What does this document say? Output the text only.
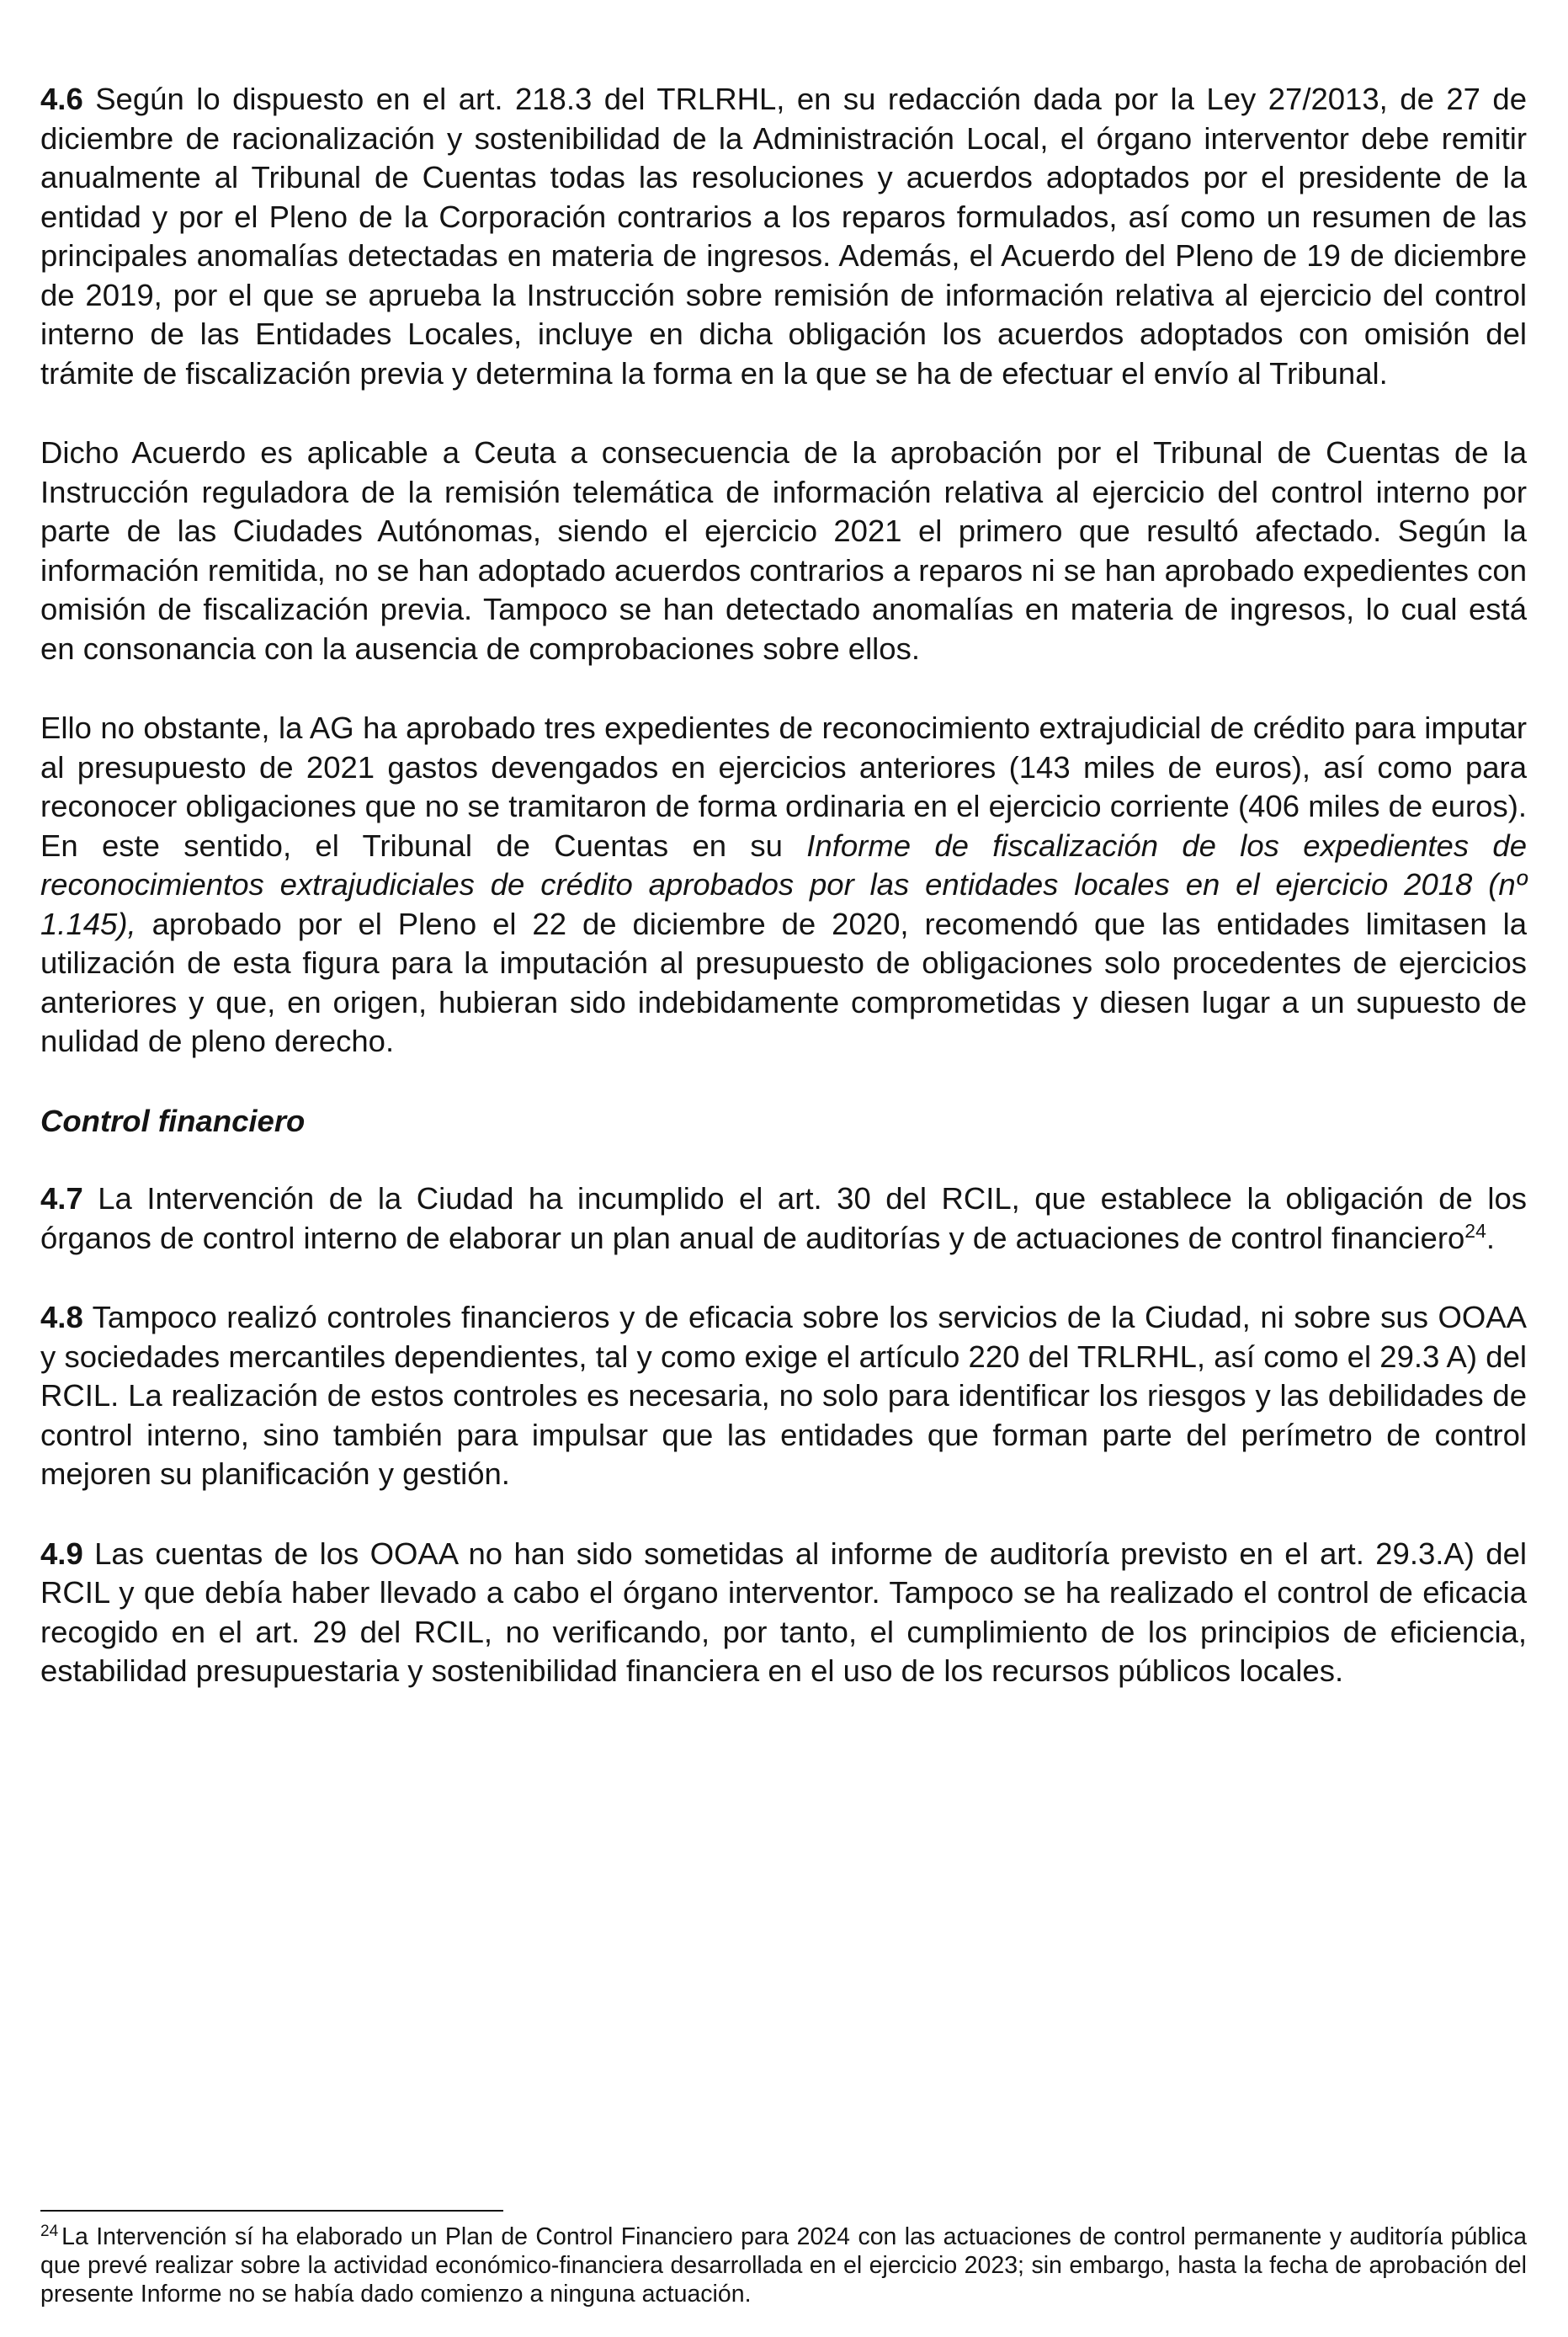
4.6 Según lo dispuesto en el art. 218.3 del TRLRHL, en su redacción dada por la Ley 27/2013, de 27 de diciembre de racionalización y sostenibilidad de la Administración Local, el órgano interventor debe remitir anualmente al Tribunal de Cuentas todas las resoluciones y acuerdos adoptados por el presidente de la entidad y por el Pleno de la Corporación contrarios a los reparos formulados, así como un resumen de las principales anomalías detectadas en materia de ingresos. Además, el Acuerdo del Pleno de 19 de diciembre de 2019, por el que se aprueba la Instrucción sobre remisión de información relativa al ejercicio del control interno de las Entidades Locales, incluye en dicha obligación los acuerdos adoptados con omisión del trámite de fiscalización previa y determina la forma en la que se ha de efectuar el envío al Tribunal.

Dicho Acuerdo es aplicable a Ceuta a consecuencia de la aprobación por el Tribunal de Cuentas de la Instrucción reguladora de la remisión telemática de información relativa al ejercicio del control interno por parte de las Ciudades Autónomas, siendo el ejercicio 2021 el primero que resultó afectado. Según la información remitida, no se han adoptado acuerdos contrarios a reparos ni se han aprobado expedientes con omisión de fiscalización previa. Tampoco se han detectado anomalías en materia de ingresos, lo cual está en consonancia con la ausencia de comprobaciones sobre ellos.

Ello no obstante, la AG ha aprobado tres expedientes de reconocimiento extrajudicial de crédito para imputar al presupuesto de 2021 gastos devengados en ejercicios anteriores (143 miles de euros), así como para reconocer obligaciones que no se tramitaron de forma ordinaria en el ejercicio corriente (406 miles de euros). En este sentido, el Tribunal de Cuentas en su Informe de fiscalización de los expedientes de reconocimientos extrajudiciales de crédito aprobados por las entidades locales en el ejercicio 2018 (nº 1.145), aprobado por el Pleno el 22 de diciembre de 2020, recomendó que las entidades limitasen la utilización de esta figura para la imputación al presupuesto de obligaciones solo procedentes de ejercicios anteriores y que, en origen, hubieran sido indebidamente comprometidas y diesen lugar a un supuesto de nulidad de pleno derecho.

Control financiero

4.7 La Intervención de la Ciudad ha incumplido el art. 30 del RCIL, que establece la obligación de los órganos de control interno de elaborar un plan anual de auditorías y de actuaciones de control financiero$^{24}$.

4.8 Tampoco realizó controles financieros y de eficacia sobre los servicios de la Ciudad, ni sobre sus OOAA y sociedades mercantiles dependientes, tal y como exige el artículo 220 del TRLRHL, así como el 29.3 A) del RCIL. La realización de estos controles es necesaria, no solo para identificar los riesgos y las debilidades de control interno, sino también para impulsar que las entidades que forman parte del perímetro de control mejoren su planificación y gestión.

4.9 Las cuentas de los OOAA no han sido sometidas al informe de auditoría previsto en el art. 29.3.A) del RCIL y que debía haber llevado a cabo el órgano interventor. Tampoco se ha realizado el control de eficacia recogido en el art. 29 del RCIL, no verificando, por tanto, el cumplimiento de los principios de eficiencia, estabilidad presupuestaria y sostenibilidad financiera en el uso de los recursos públicos locales.

$^{24}$ La Intervención sí ha elaborado un Plan de Control Financiero para 2024 con las actuaciones de control permanente y auditoría pública que prevé realizar sobre la actividad económico-financiera desarrollada en el ejercicio 2023; sin embargo, hasta la fecha de aprobación del presente Informe no se había dado comienzo a ninguna actuación.
